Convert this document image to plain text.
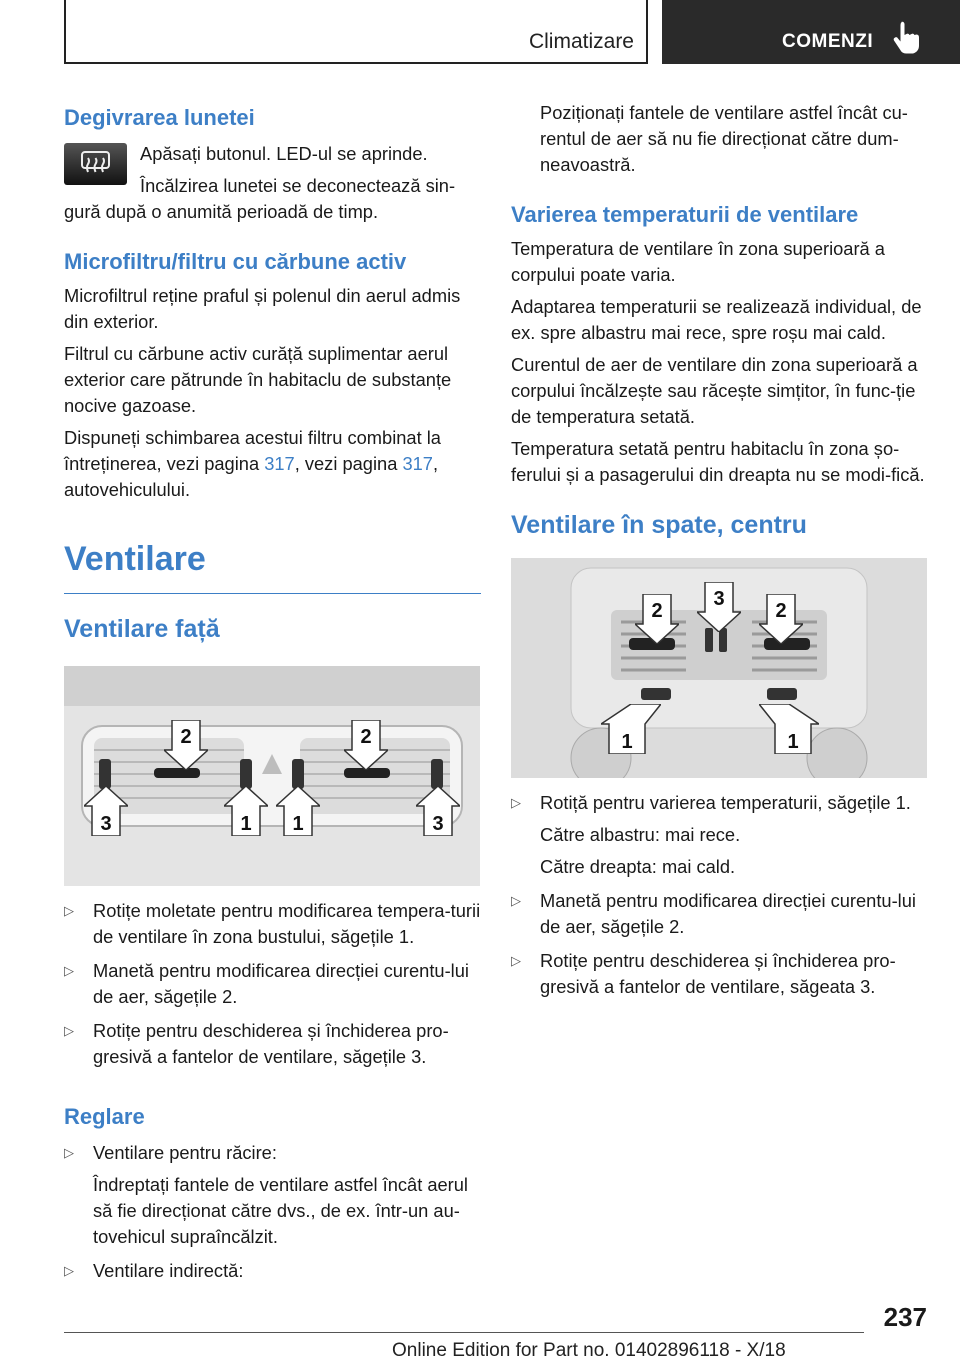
Climatizare	COMENZI
Degivrarea lunetei

Apăsați butonul. LED-ul se aprinde.

Încălzirea lunetei se deconectează sin-

gură după o anumită perioadă de timp.

Microfiltru/filtru cu cărbune activ

Microfiltrul reține praful și polenul din aerul admis din exterior.

Filtrul cu cărbune activ curăță suplimentar aerul exterior care pătrunde în habitaclu de substanțe nocive gazoase.

Dispuneți schimbarea acestui filtru combinat la întreținerea, vezi pagina 317, vezi pagina 317, autovehiculului.

Ventilare
Ventilare față
2	2
3	1 1	3
▷ Rotițe moletate pentru modificarea tempera-turii de ventilare în zona bustului, săgețile 1.

▷ Manetă pentru modificarea direcției curentu-lui de aer, săgețile 2.

▷ Rotițe pentru deschiderea și închiderea pro-gresivă a fantelor de ventilare, săgețile 3.

Reglare
▷ Ventilare pentru răcire:

Îndreptați fantele de ventilare astfel încât aerul să fie direcționat către dvs., de ex. într-un au-tovehicul supraîncălzit.

▷ Ventilare indirectă:

Poziționați fantele de ventilare astfel încât cu-rentul de aer să nu fie direcționat către dum-neavoastră.

Varierea temperaturii de ventilare

Temperatura de ventilare în zona superioară a corpului poate varia.

Adaptarea temperaturii se realizează individual, de ex. spre albastru mai rece, spre roșu mai cald.

Curentul de aer de ventilare din zona superioară a corpului încălzește sau răcește simțitor, în func-ție de temperatura setată.

Temperatura setată pentru habitaclu în zona șo-ferului și a pasagerului din dreapta nu se modi-fică.

Ventilare în spate, centru
2
3
2
1	1
▷ Rotiță pentru varierea temperaturii, săgețile 1.

Către albastru: mai rece.

Către dreapta: mai cald.

▷ Manetă pentru modificarea direcției curentu-lui de aer, săgețile 2.

▷ Rotițe pentru deschiderea și închiderea pro-gresivă a fantelor de ventilare, săgeata 3.

237
Online Edition for Part no. 01402896118 - X/18
